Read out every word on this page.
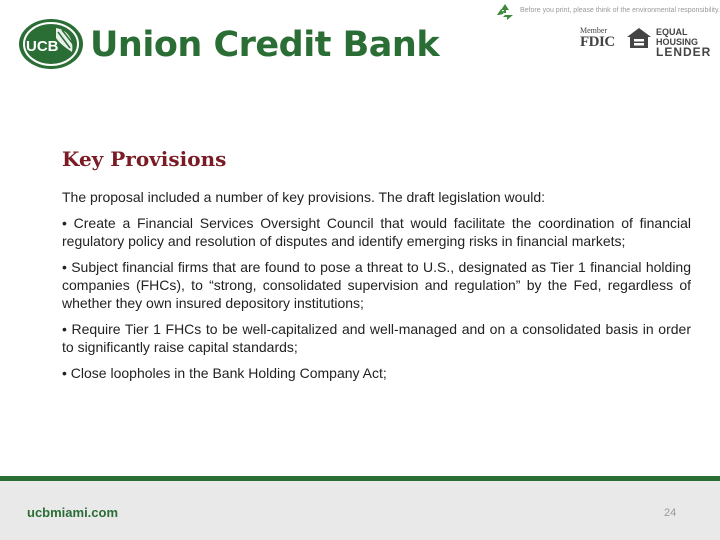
UCB Union Credit Bank
Before you print, please think of the environmental responsibility.
Member
FDIC
EQUAL HOUSING
LENDER
Key Provisions

The proposal included a number of key provisions. The draft legislation would:

• Create a Financial Services Oversight Council that would facilitate the coordination of financial regulatory policy and resolution of disputes and identify emerging risks in financial markets;

• Subject financial firms that are found to pose a threat to U.S., designated as Tier 1 financial holding companies (FHCs), to “strong, consolidated supervision and regulation” by the Fed, regardless of whether they own insured depository institutions;

• Require Tier 1 FHCs to be well-capitalized and well-managed and on a consolidated basis in order to significantly raise capital standards;

• Close loopholes in the Bank Holding Company Act;

ucbmiami.com	24
